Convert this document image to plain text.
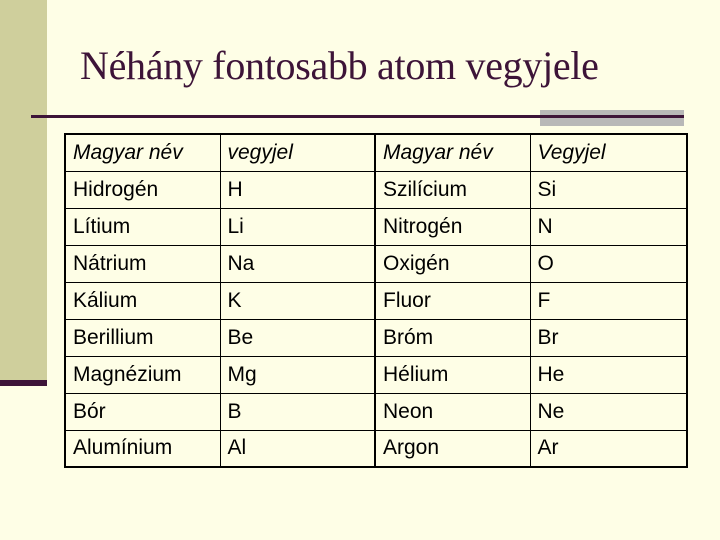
Néhány fontosabb atom vegyjele
Magyar név	vegyjel	Magyar név	Vegyjel
Hidrogén	H	Szilícium	Si
Lítium	Li	Nitrogén	N
Nátrium	Na	Oxigén	O
Kálium	K	Fluor	F
Berillium	Be	Bróm	Br
Magnézium	Mg	Hélium	He
Bór	B	Neon	Ne
Alumínium	Al	Argon	Ar
